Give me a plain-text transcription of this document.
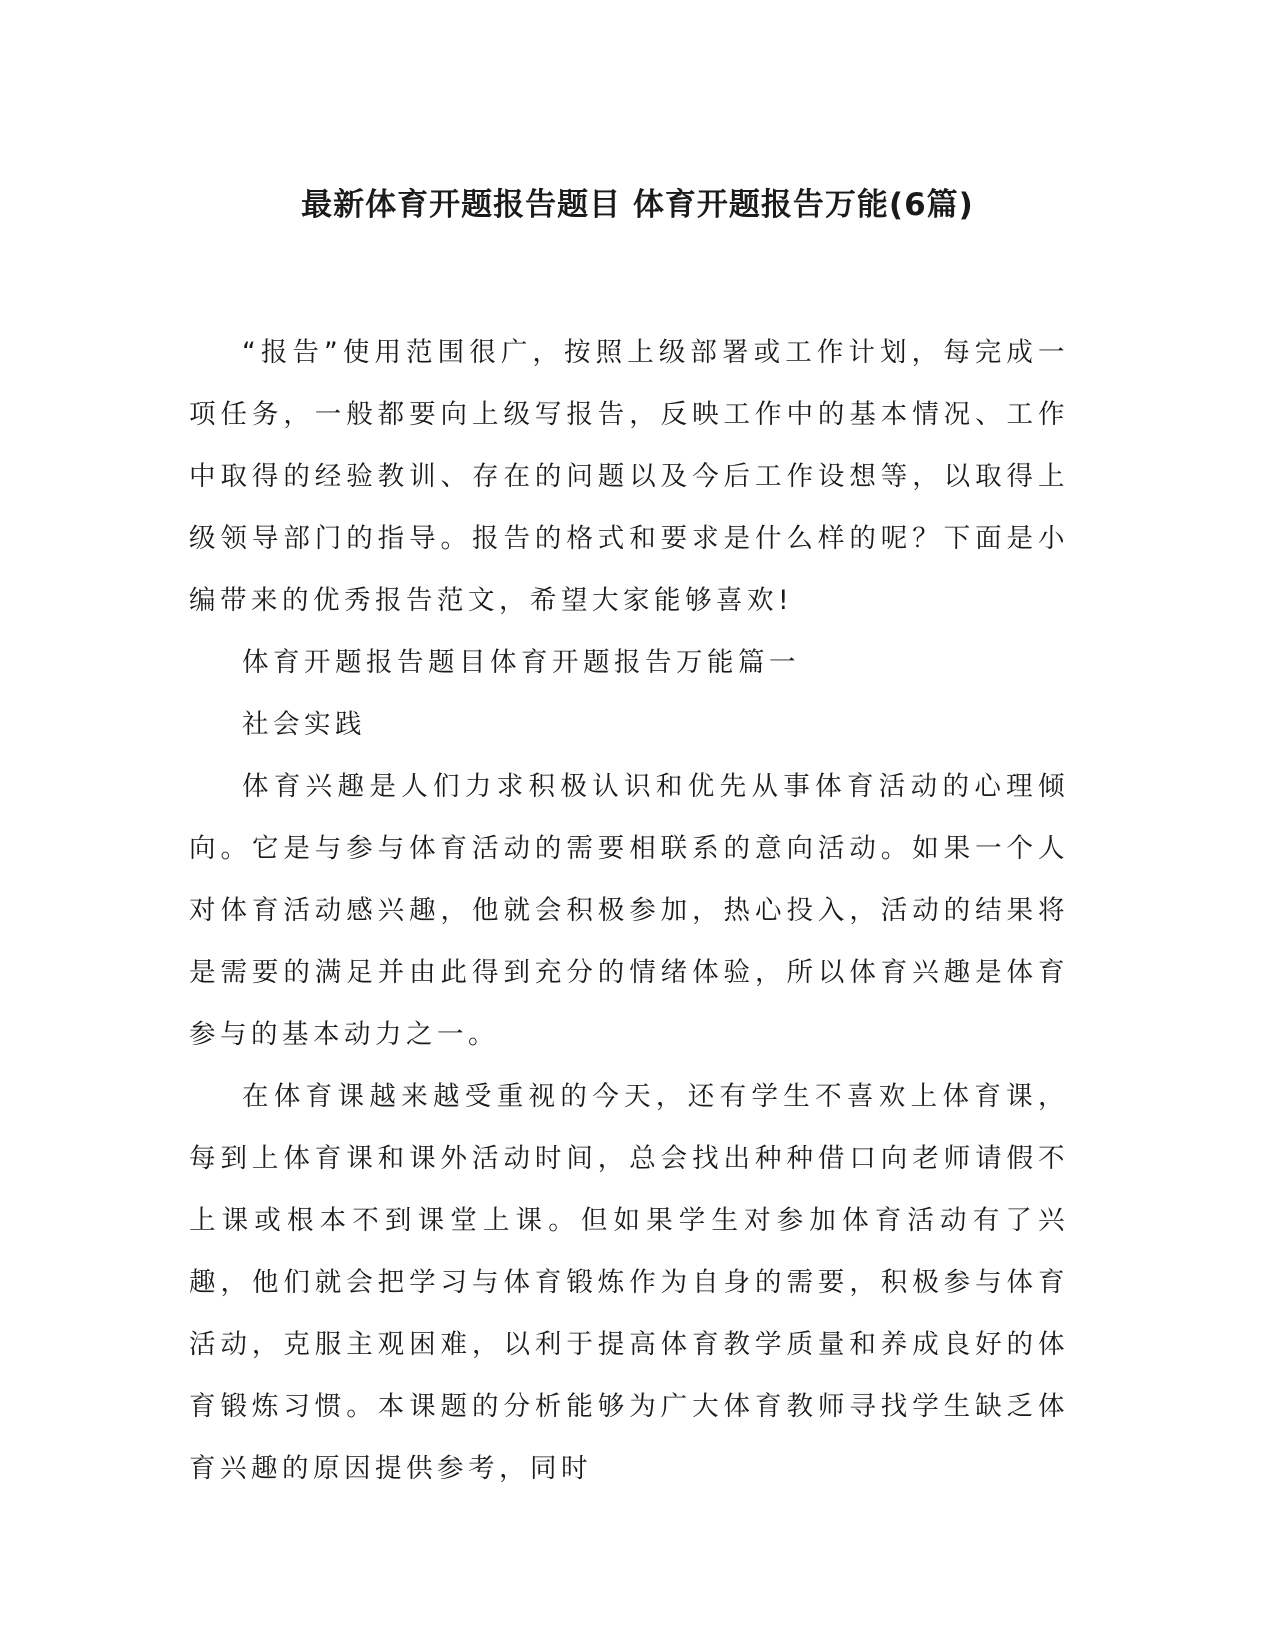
最新体育开题报告题目 体育开题报告万能(6篇)

“报告”使用范围很广，按照上级部署或工作计划，每完成一项任务，一般都要向上级写报告，反映工作中的基本情况、工作中取得的经验教训、存在的问题以及今后工作设想等，以取得上级领导部门的指导。报告的格式和要求是什么样的呢？下面是小编带来的优秀报告范文，希望大家能够喜欢!

体育开题报告题目体育开题报告万能篇一

社会实践

体育兴趣是人们力求积极认识和优先从事体育活动的心理倾向。它是与参与体育活动的需要相联系的意向活动。如果一个人对体育活动感兴趣，他就会积极参加，热心投入，活动的结果将是需要的满足并由此得到充分的情绪体验，所以体育兴趣是体育参与的基本动力之一。

在体育课越来越受重视的今天，还有学生不喜欢上体育课，每到上体育课和课外活动时间，总会找出种种借口向老师请假不上课或根本不到课堂上课。但如果学生对参加体育活动有了兴趣，他们就会把学习与体育锻炼作为自身的需要，积极参与体育活动，克服主观困难，以利于提高体育教学质量和养成良好的体育锻炼习惯。本课题的分析能够为广大体育教师寻找学生缺乏体育兴趣的原因提供参考，同时
